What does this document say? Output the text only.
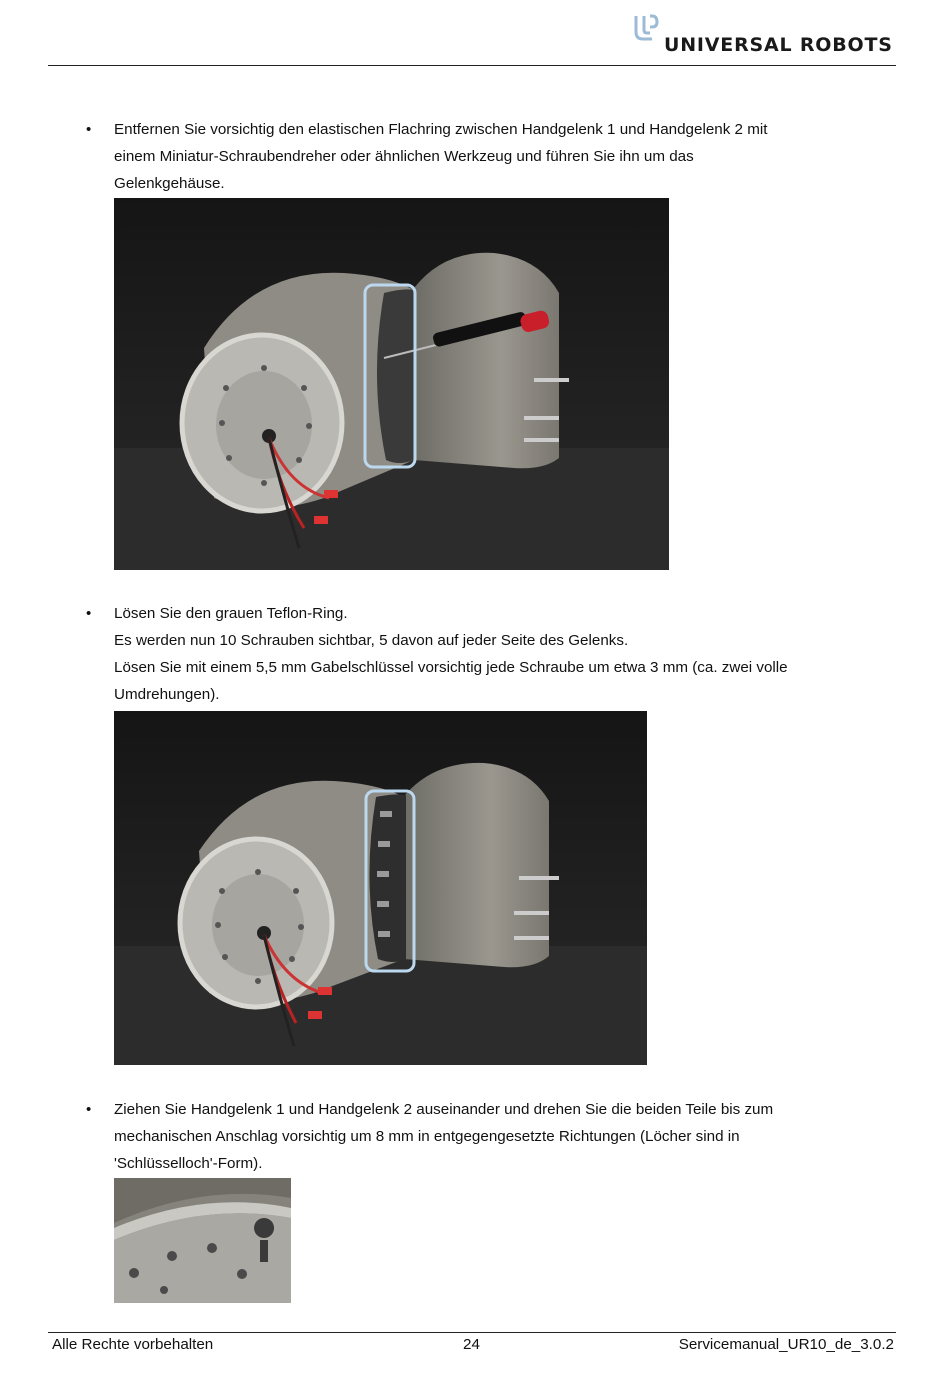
UNIVERSAL ROBOTS
• Entfernen Sie vorsichtig den elastischen Flachring zwischen Handgelenk 1 und Handgelenk 2 mit
einem Miniatur-Schraubendreher oder ähnlichen Werkzeug und führen Sie ihn um das
Gelenkgehäuse.
• Lösen Sie den grauen Teflon-Ring.
Es werden nun 10 Schrauben sichtbar, 5 davon auf jeder Seite des Gelenks.
Lösen Sie mit einem 5,5 mm Gabelschlüssel vorsichtig jede Schraube um etwa 3 mm (ca. zwei volle
Umdrehungen).
• Ziehen Sie Handgelenk 1 und Handgelenk 2 auseinander und drehen Sie die beiden Teile bis zum
mechanischen Anschlag vorsichtig um 8 mm in entgegengesetzte Richtungen (Löcher sind in
'Schlüsselloch'-Form).
Alle Rechte vorbehalten	24	Servicemanual_UR10_de_3.0.2
